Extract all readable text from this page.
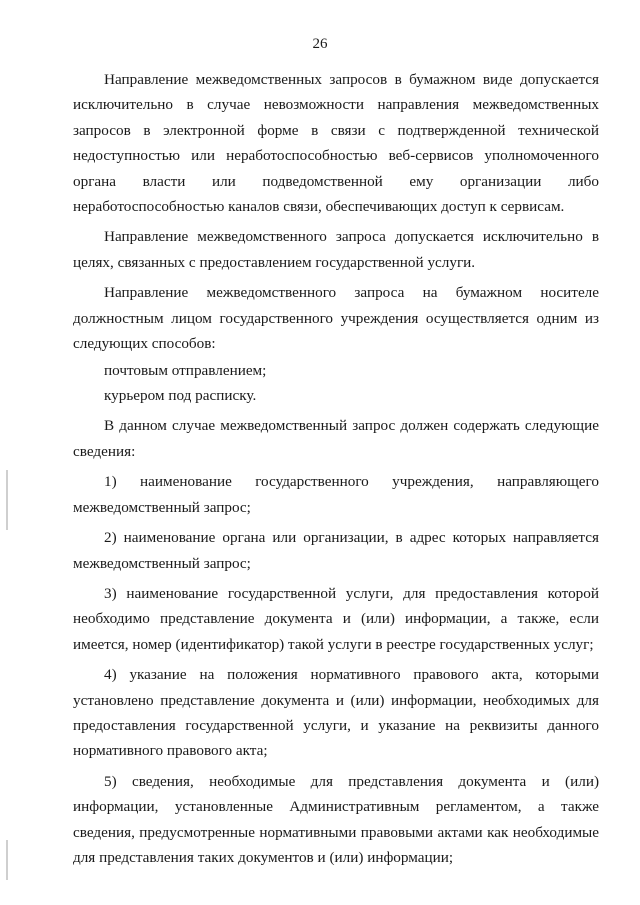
26

Направление межведомственных запросов в бумажном виде допускается исключительно в случае невозможности направления межведомственных запросов в электронной форме в связи с подтвержденной технической недоступностью или неработоспособностью веб-сервисов уполномоченного органа власти или подведомственной ему организации либо неработоспособностью каналов связи, обеспечивающих доступ к сервисам.

Направление межведомственного запроса допускается исключительно в целях, связанных с предоставлением государственной услуги.

Направление межведомственного запроса на бумажном носителе должностным лицом государственного учреждения осуществляется одним из следующих способов:

почтовым отправлением;

курьером под расписку.

В данном случае межведомственный запрос должен содержать следующие сведения:

1) наименование государственного учреждения, направляющего межведомственный запрос;

2) наименование органа или организации, в адрес которых направляется межведомственный запрос;

3) наименование государственной услуги, для предоставления которой необходимо представление документа и (или) информации, а также, если имеется, номер (идентификатор) такой услуги в реестре государственных услуг;

4) указание на положения нормативного правового акта, которыми установлено представление документа и (или) информации, необходимых для предоставления государственной услуги, и указание на реквизиты данного нормативного правового акта;

5) сведения, необходимые для представления документа и (или) информации, установленные Административным регламентом, а также сведения, предусмотренные нормативными правовыми актами как необходимые для представления таких документов и (или) информации;
